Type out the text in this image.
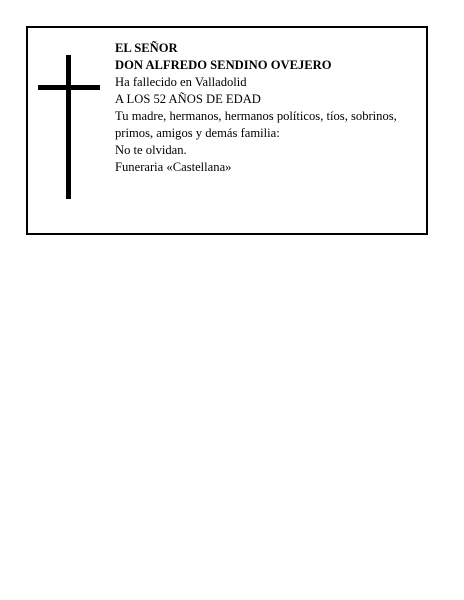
EL SEÑOR

DON ALFREDO SENDINO OVEJERO

Ha fallecido en Valladolid

A LOS 52 AÑOS DE EDAD

Tu madre, hermanos, hermanos políticos, tíos, sobrinos, primos, amigos y demás familia:

No te olvidan.

Funeraria «Castellana»
